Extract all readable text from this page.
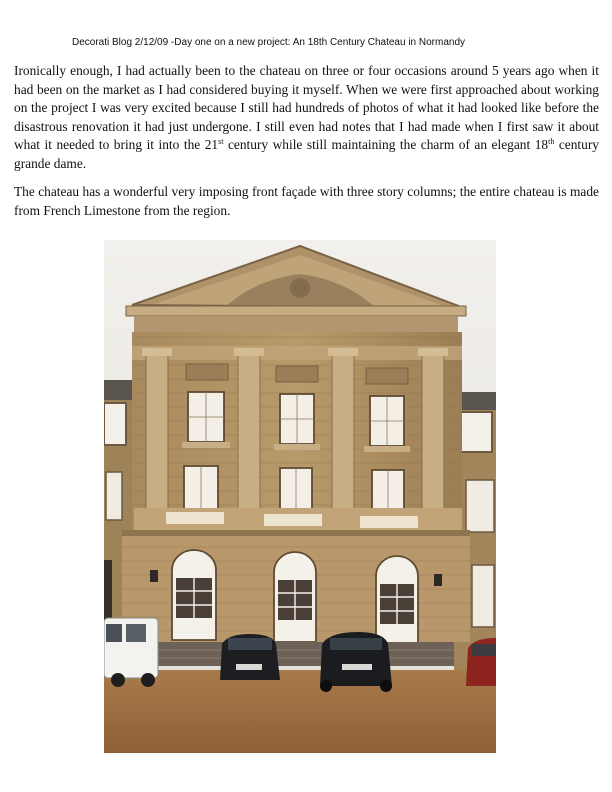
Decorati Blog 2/12/09 -Day one on a new project: An 18th Century Chateau in Normandy

Ironically enough, I had actually been to the chateau on three or four occasions around 5 years ago when it had been on the market as I had considered buying it myself. When we were first approached about working on the project I was very excited because I still had hundreds of photos of what it had looked like before the disastrous renovation it had just undergone. I still even had notes that I had made when I first saw it about what it needed to bring it into the 21st century while still maintaining the charm of an elegant 18th century grande dame.

The chateau has a wonderful very imposing front façade with three story columns; the entire chateau is made from French Limestone from the region.
